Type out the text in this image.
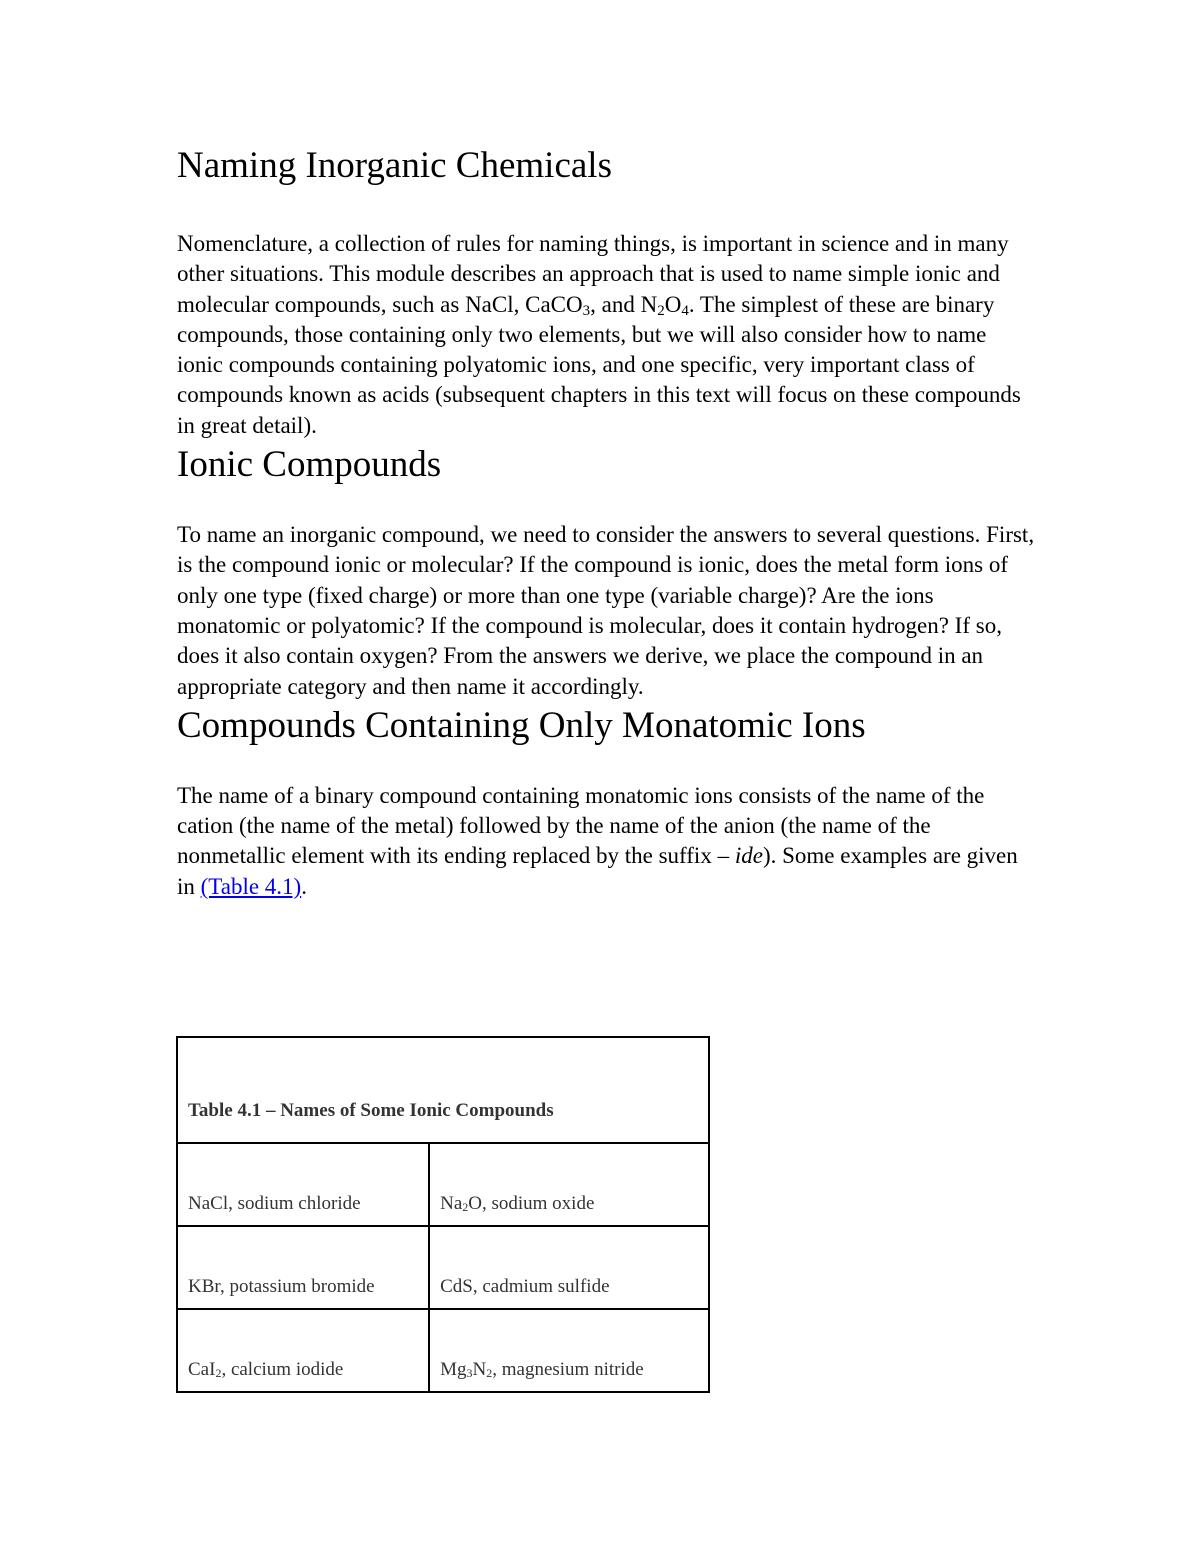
Naming Inorganic Chemicals

Nomenclature, a collection of rules for naming things, is important in science and in many other situations. This module describes an approach that is used to name simple ionic and molecular compounds, such as NaCl, CaCO$_3$, and $N_2O_4$. The simplest of these are binary compounds, those containing only two elements, but we will also consider how to name ionic compounds containing polyatomic ions, and one specific, very important class of compounds known as acids (subsequent chapters in this text will focus on these compounds in great detail).

Ionic Compounds

To name an inorganic compound, we need to consider the answers to several questions. First, is the compound ionic or molecular? If the compound is ionic, does the metal form ions of only one type (fixed charge) or more than one type (variable charge)? Are the ions monatomic or polyatomic? If the compound is molecular, does it contain hydrogen? If so, does it also contain oxygen? From the answers we derive, we place the compound in an appropriate category and then name it accordingly.

Compounds Containing Only Monatomic Ions

The name of a binary compound containing monatomic ions consists of the name of the cation (the name of the metal) followed by the name of the anion (the name of the nonmetallic element with its ending replaced by the suffix – ide). Some examples are given in (Table 4.1).

Table 4.1 – Names of Some Ionic Compounds	
NaCl, sodium chloride	$Na_2O$, sodium oxide
KBr, potassium bromide	CdS, cadmium sulfide
CaI$_2$, calcium iodide	$Mg_3N_2$, magnesium nitride
